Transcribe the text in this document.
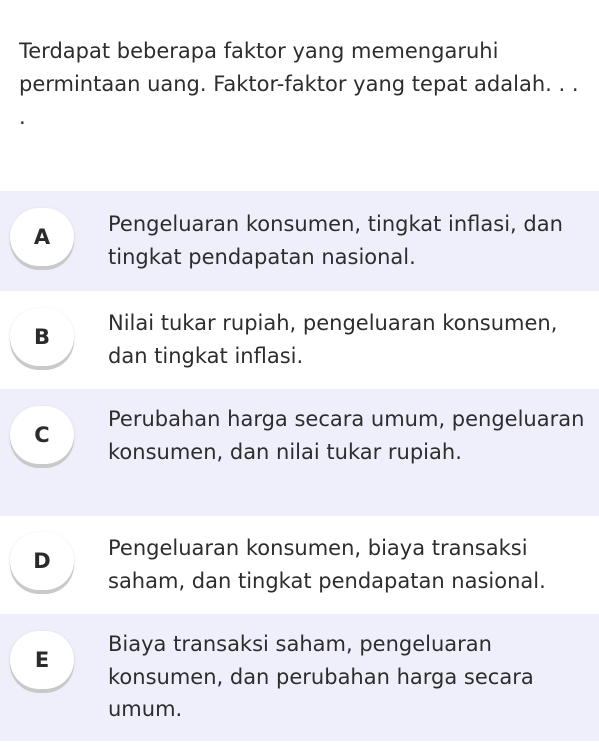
Terdapat beberapa faktor yang memengaruhi permintaan uang. Faktor-faktor yang tepat adalah. . . .
A
Pengeluaran konsumen, tingkat inflasi, dan tingkat pendapatan nasional.
B
Nilai tukar rupiah, pengeluaran konsumen, dan tingkat inflasi.
C
Perubahan harga secara umum, pengeluaran konsumen, dan nilai tukar rupiah.
D
Pengeluaran konsumen, biaya transaksi saham, dan tingkat pendapatan nasional.
E
Biaya transaksi saham, pengeluaran konsumen, dan perubahan harga secara umum.
